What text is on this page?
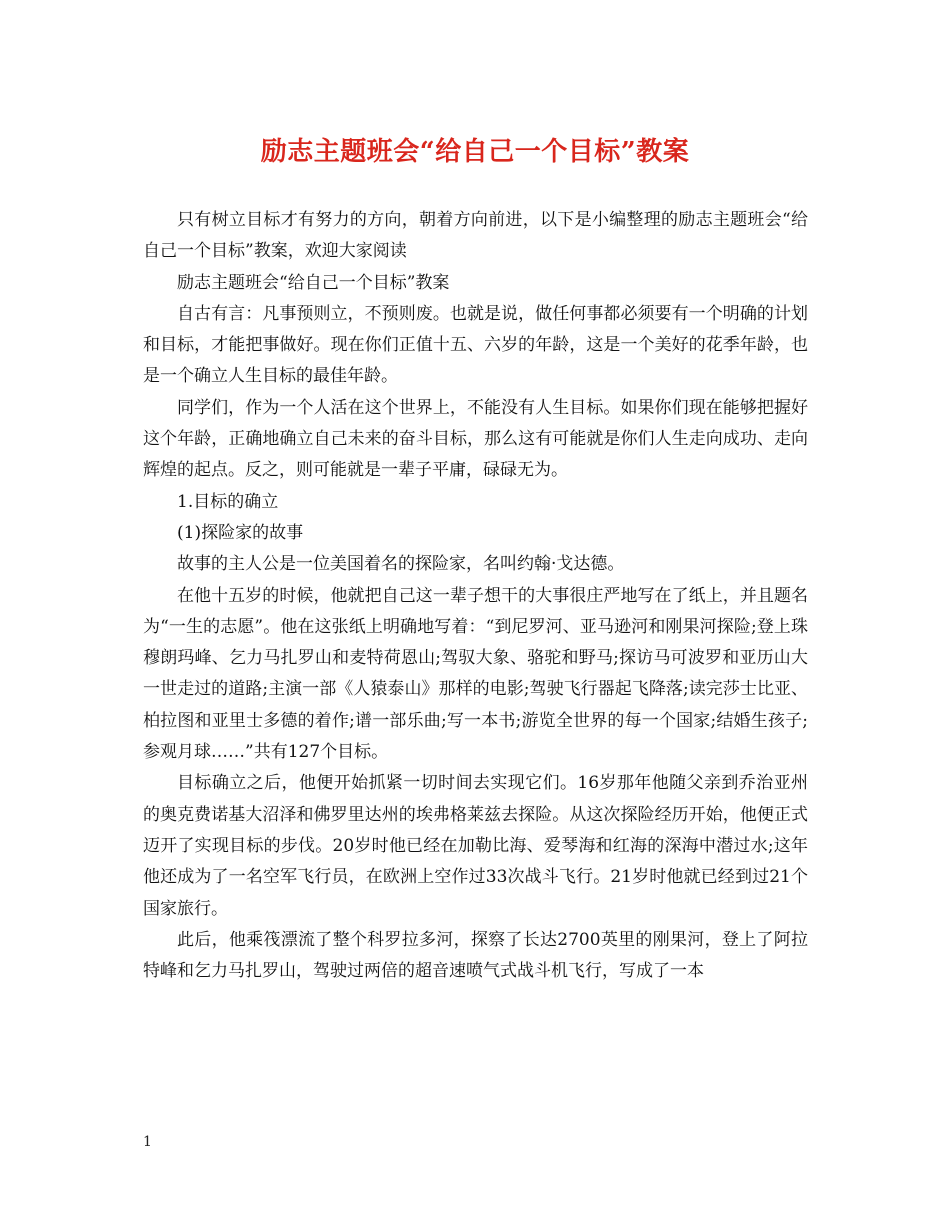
励志主题班会“给自己一个目标”教案

只有树立目标才有努力的方向，朝着方向前进，以下是小编整理的励志主题班会“给自己一个目标”教案，欢迎大家阅读

励志主题班会“给自己一个目标”教案

自古有言：凡事预则立，不预则废。也就是说，做任何事都必须要有一个明确的计划和目标，才能把事做好。现在你们正值十五、六岁的年龄，这是一个美好的花季年龄，也是一个确立人生目标的最佳年龄。

同学们，作为一个人活在这个世界上，不能没有人生目标。如果你们现在能够把握好这个年龄，正确地确立自己未来的奋斗目标，那么这有可能就是你们人生走向成功、走向辉煌的起点。反之，则可能就是一辈子平庸，碌碌无为。

1.目标的确立

(1)探险家的故事

故事的主人公是一位美国着名的探险家，名叫约翰·戈达德。

在他十五岁的时候，他就把自己这一辈子想干的大事很庄严地写在了纸上，并且题名为“一生的志愿”。他在这张纸上明确地写着：“到尼罗河、亚马逊河和刚果河探险;登上珠穆朗玛峰、乞力马扎罗山和麦特荷恩山;驾驭大象、骆驼和野马;探访马可波罗和亚历山大一世走过的道路;主演一部《人猿泰山》那样的电影;驾驶飞行器起飞降落;读完莎士比亚、柏拉图和亚里士多德的着作;谱一部乐曲;写一本书;游览全世界的每一个国家;结婚生孩子;参观月球……”共有127个目标。

目标确立之后，他便开始抓紧一切时间去实现它们。16岁那年他随父亲到乔治亚州的奥克费诺基大沼泽和佛罗里达州的埃弗格莱兹去探险。从这次探险经历开始，他便正式迈开了实现目标的步伐。20岁时他已经在加勒比海、爱琴海和红海的深海中潜过水;这年他还成为了一名空军飞行员，在欧洲上空作过33次战斗飞行。21岁时他就已经到过21个国家旅行。

此后，他乘筏漂流了整个科罗拉多河，探察了长达2700英里的刚果河，登上了阿拉特峰和乞力马扎罗山，驾驶过两倍的超音速喷气式战斗机飞行，写成了一本

1
